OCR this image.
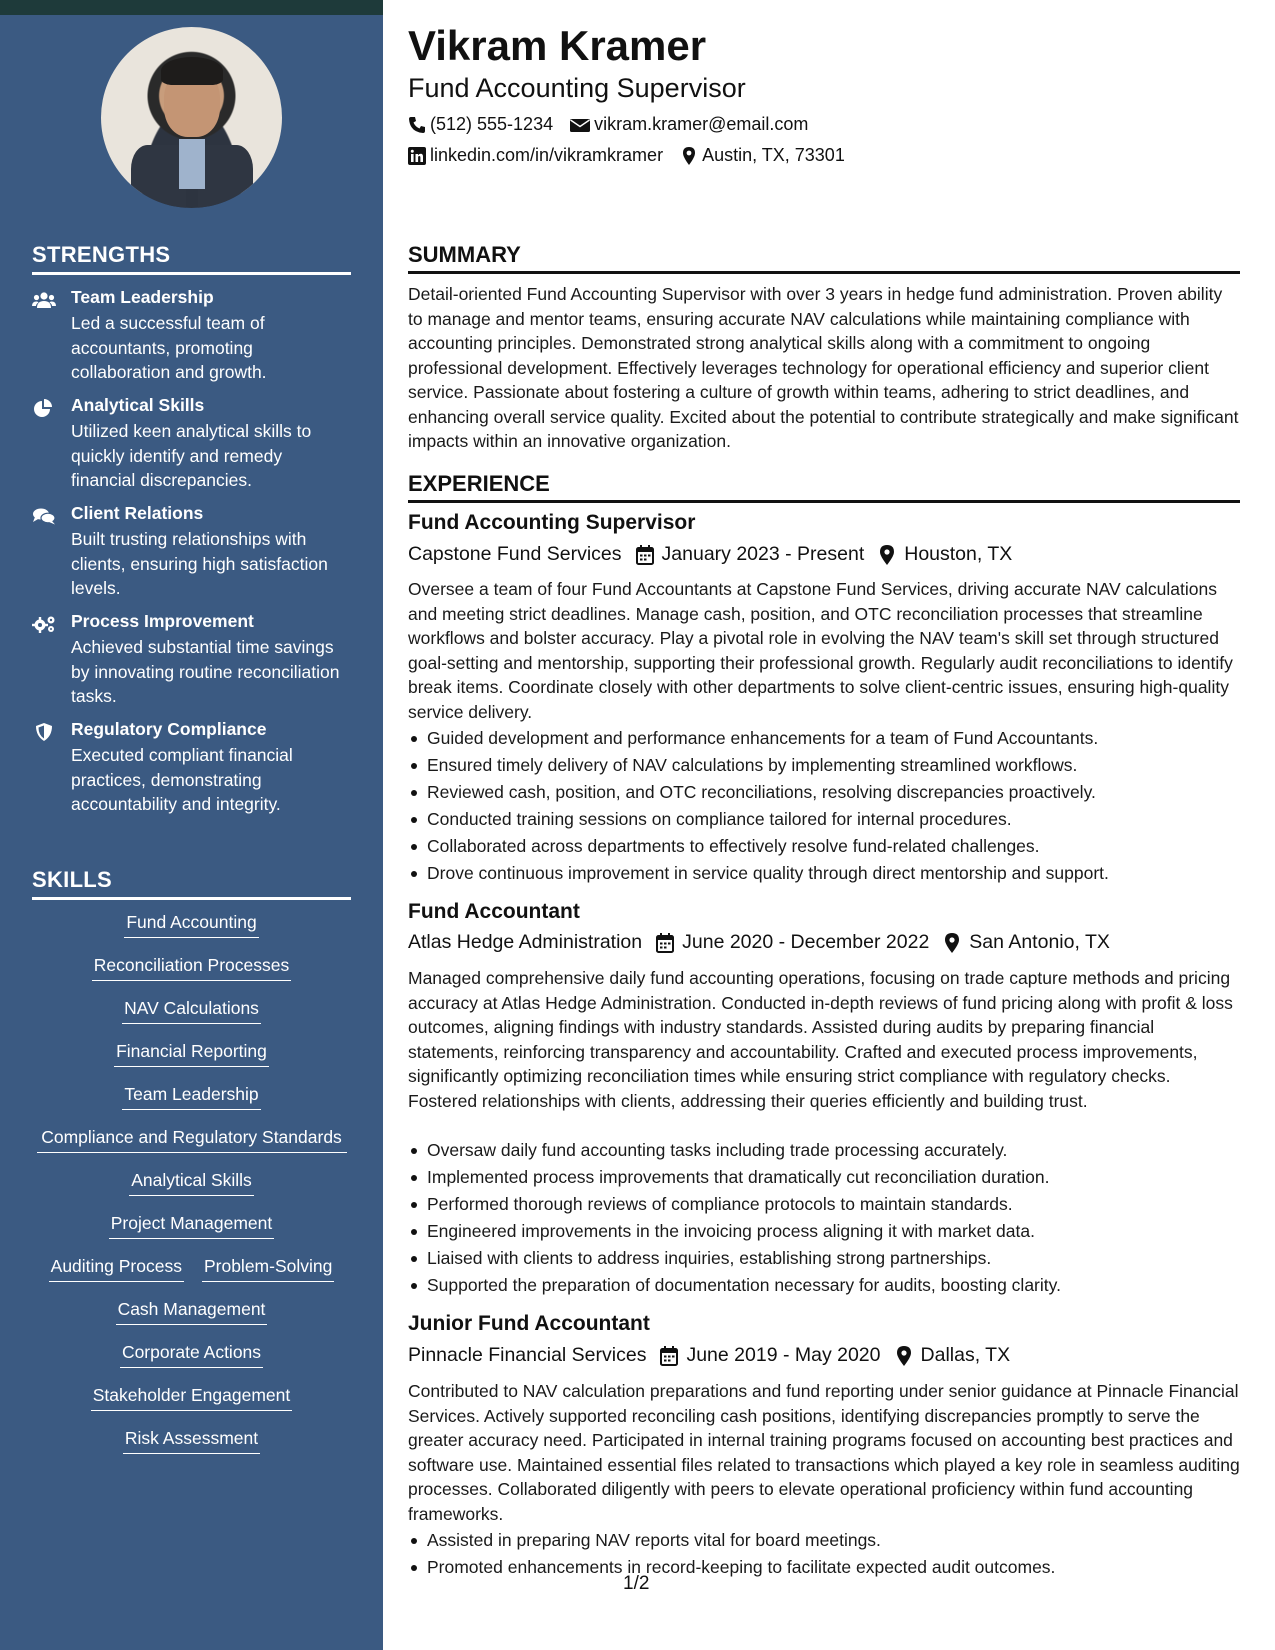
STRENGTHS
Team Leadership
Led a successful team of accountants, promoting collaboration and growth.
Analytical Skills
Utilized keen analytical skills to quickly identify and remedy financial discrepancies.
Client Relations
Built trusting relationships with clients, ensuring high satisfaction levels.
Process Improvement
Achieved substantial time savings by innovating routine reconciliation tasks.
Regulatory Compliance
Executed compliant financial practices, demonstrating accountability and integrity.
SKILLS
Fund Accounting
Reconciliation Processes
NAV Calculations
Financial Reporting
Team Leadership
Compliance and Regulatory Standards
Analytical Skills
Project Management
Auditing Process Problem-Solving
Cash Management
Corporate Actions
Stakeholder Engagement
Risk Assessment
Vikram Kramer
Fund Accounting Supervisor
(512) 555-1234 vikram.kramer@email.com
linkedin.com/in/vikramkramer Austin, TX, 73301
SUMMARY
Detail-oriented Fund Accounting Supervisor with over 3 years in hedge fund administration. Proven ability to manage and mentor teams, ensuring accurate NAV calculations while maintaining compliance with accounting principles. Demonstrated strong analytical skills along with a commitment to ongoing professional development. Effectively leverages technology for operational efficiency and superior client service. Passionate about fostering a culture of growth within teams, adhering to strict deadlines, and enhancing overall service quality. Excited about the potential to contribute strategically and make significant impacts within an innovative organization.
EXPERIENCE
Fund Accounting Supervisor
Capstone Fund Services January 2023 - Present Houston, TX
Oversee a team of four Fund Accountants at Capstone Fund Services, driving accurate NAV calculations and meeting strict deadlines. Manage cash, position, and OTC reconciliation processes that streamline workflows and bolster accuracy. Play a pivotal role in evolving the NAV team's skill set through structured goal-setting and mentorship, supporting their professional growth. Regularly audit reconciliations to identify break items. Coordinate closely with other departments to solve client-centric issues, ensuring high-quality service delivery.
Guided development and performance enhancements for a team of Fund Accountants.
Ensured timely delivery of NAV calculations by implementing streamlined workflows.
Reviewed cash, position, and OTC reconciliations, resolving discrepancies proactively.
Conducted training sessions on compliance tailored for internal procedures.
Collaborated across departments to effectively resolve fund-related challenges.
Drove continuous improvement in service quality through direct mentorship and support.
Fund Accountant
Atlas Hedge Administration June 2020 - December 2022 San Antonio, TX
Managed comprehensive daily fund accounting operations, focusing on trade capture methods and pricing accuracy at Atlas Hedge Administration. Conducted in-depth reviews of fund pricing along with profit & loss outcomes, aligning findings with industry standards. Assisted during audits by preparing financial statements, reinforcing transparency and accountability. Crafted and executed process improvements, significantly optimizing reconciliation times while ensuring strict compliance with regulatory checks. Fostered relationships with clients, addressing their queries efficiently and building trust.
Oversaw daily fund accounting tasks including trade processing accurately.
Implemented process improvements that dramatically cut reconciliation duration.
Performed thorough reviews of compliance protocols to maintain standards.
Engineered improvements in the invoicing process aligning it with market data.
Liaised with clients to address inquiries, establishing strong partnerships.
Supported the preparation of documentation necessary for audits, boosting clarity.
Junior Fund Accountant
Pinnacle Financial Services June 2019 - May 2020 Dallas, TX
Contributed to NAV calculation preparations and fund reporting under senior guidance at Pinnacle Financial Services. Actively supported reconciling cash positions, identifying discrepancies promptly to serve the greater accuracy need. Participated in internal training programs focused on accounting best practices and software use. Maintained essential files related to transactions which played a key role in seamless auditing processes. Collaborated diligently with peers to elevate operational proficiency within fund accounting frameworks.
Assisted in preparing NAV reports vital for board meetings.
Promoted enhancements in record-keeping to facilitate expected audit outcomes.
1/2
